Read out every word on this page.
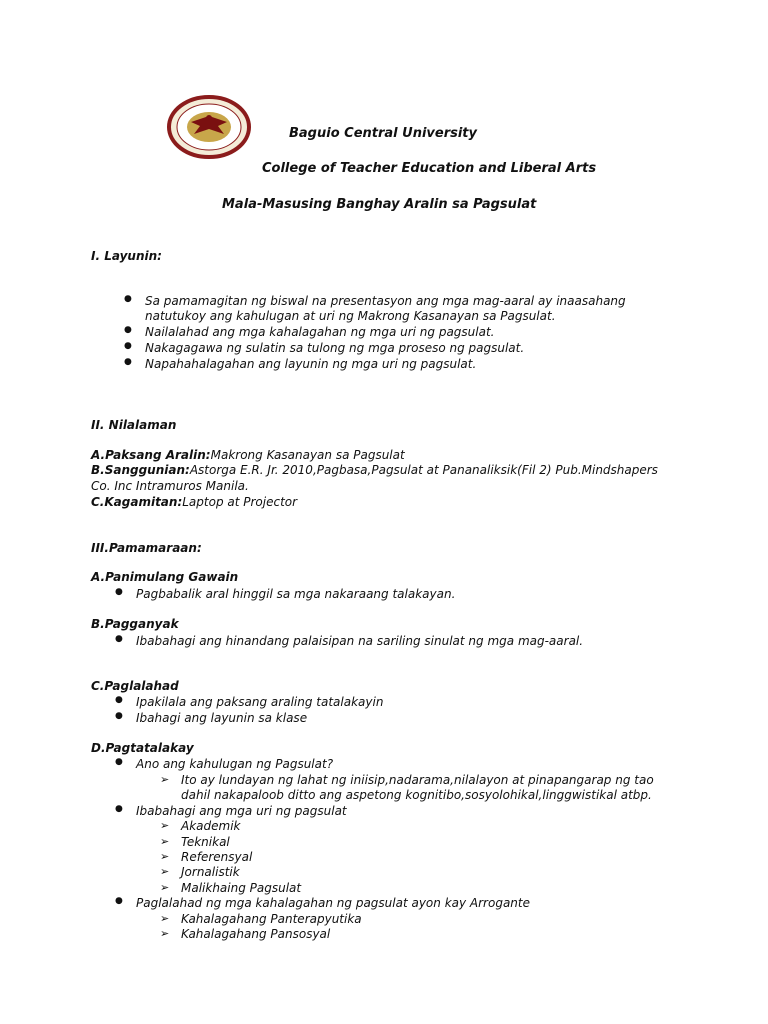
Baguio Central University
College of Teacher Education and Liberal Arts
Mala-Masusing Banghay Aralin sa Pagsulat
I. Layunin:
● Sa pamamagitan ng biswal na presentasyon ang mga mag-aaral ay inaasahang
natutukoy ang kahulugan at uri ng Makrong Kasanayan sa Pagsulat.
● Nailalahad ang mga kahalagahan ng mga uri ng pagsulat.
● Nakagagawa ng sulatin sa tulong ng mga proseso ng pagsulat.
● Napahahalagahan ang layunin ng mga uri ng pagsulat.
II. Nilalaman
A.Paksang Aralin:Makrong Kasanayan sa Pagsulat
B.Sanggunian:Astorga E.R. Jr. 2010,Pagbasa,Pagsulat at Pananaliksik(Fil 2) Pub.Mindshapers
Co. Inc Intramuros Manila.
C.Kagamitan:Laptop at Projector
III.Pamamaraan:
A.Panimulang Gawain
● Pagbabalik aral hinggil sa mga nakaraang talakayan.
B.Pagganyak
● Ibabahagi ang hinandang palaisipan na sariling sinulat ng mga mag-aaral.
C.Paglalahad
● Ipakilala ang paksang araling tatalakayin
● Ibahagi ang layunin sa klase
D.Pagtatalakay
● Ano ang kahulugan ng Pagsulat?
➢ Ito ay lundayan ng lahat ng iniisip,nadarama,nilalayon at pinapangarap ng tao
dahil nakapaloob ditto ang aspetong kognitibo,sosyolohikal,linggwistikal atbp.
● Ibabahagi ang mga uri ng pagsulat
➢ Akademik
➢ Teknikal
➢ Referensyal
➢ Jornalistik
➢ Malikhaing Pagsulat
● Paglalahad ng mga kahalagahan ng pagsulat ayon kay Arrogante
➢ Kahalagahang Panterapyutika
➢ Kahalagahang Pansosyal
